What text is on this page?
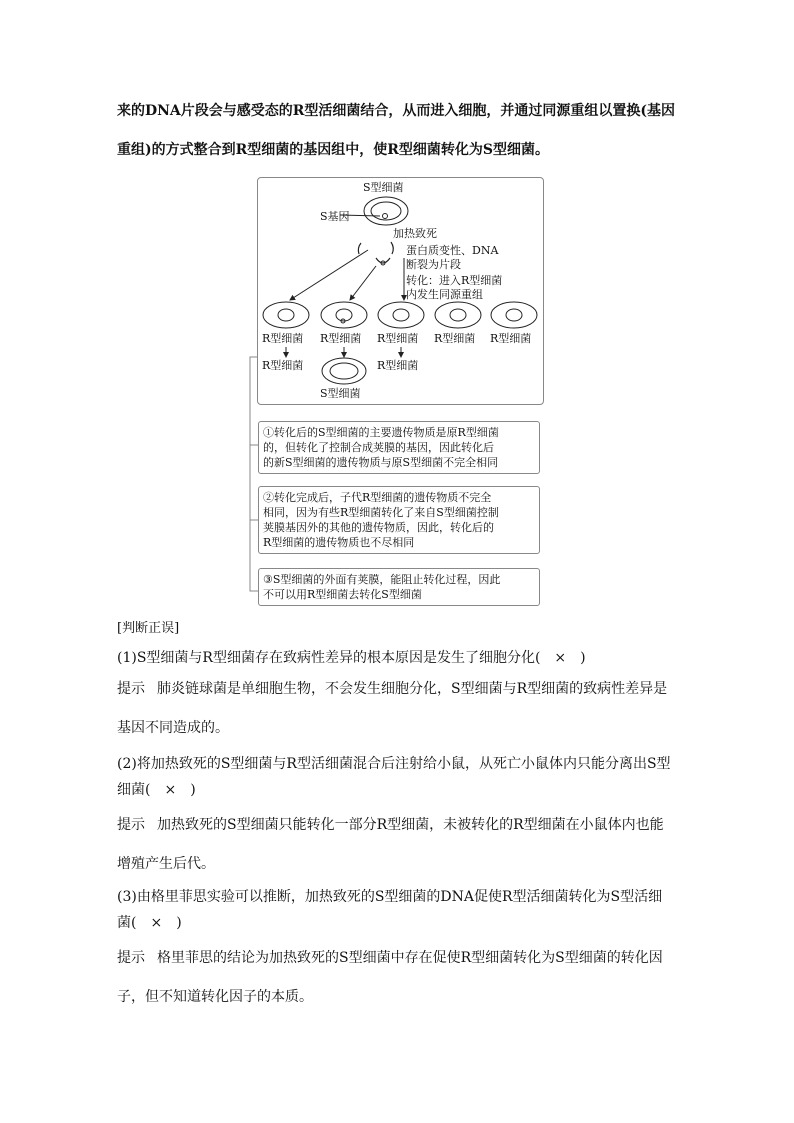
来的DNA片段会与感受态的R型活细菌结合，从而进入细胞，并通过同源重组以置换(基因
重组)的方式整合到R型细菌的基因组中，使R型细菌转化为S型细菌。
S型细菌
S基因
加热致死
蛋白质变性、DNA
断裂为片段
转化：进入R型细菌
内发生同源重组
R型细菌 R型细菌 R型细菌 R型细菌 R型细菌
R型细菌	R型细菌
S型细菌
①转化后的S型细菌的主要遗传物质是原R型细菌
的，但转化了控制合成荚膜的基因，因此转化后
的新S型细菌的遗传物质与原S型细菌不完全相同
②转化完成后，子代R型细菌的遗传物质不完全
相同，因为有些R型细菌转化了来自S型细菌控制
荚膜基因外的其他的遗传物质，因此，转化后的
R型细菌的遗传物质也不尽相同
③S型细菌的外面有荚膜，能阻止转化过程，因此
不可以用R型细菌去转化S型细菌
[判断正误]
(1)S型细菌与R型细菌存在致病性差异的根本原因是发生了细胞分化(　×　)
提示 肺炎链球菌是单细胞生物，不会发生细胞分化，S型细菌与R型细菌的致病性差异是
基因不同造成的。
(2)将加热致死的S型细菌与R型活细菌混合后注射给小鼠，从死亡小鼠体内只能分离出S型
细菌(　×　)
提示 加热致死的S型细菌只能转化一部分R型细菌，未被转化的R型细菌在小鼠体内也能
增殖产生后代。
(3)由格里菲思实验可以推断，加热致死的S型细菌的DNA促使R型活细菌转化为S型活细
菌(　×　)
提示 格里菲思的结论为加热致死的S型细菌中存在促使R型细菌转化为S型细菌的转化因
子，但不知道转化因子的本质。
